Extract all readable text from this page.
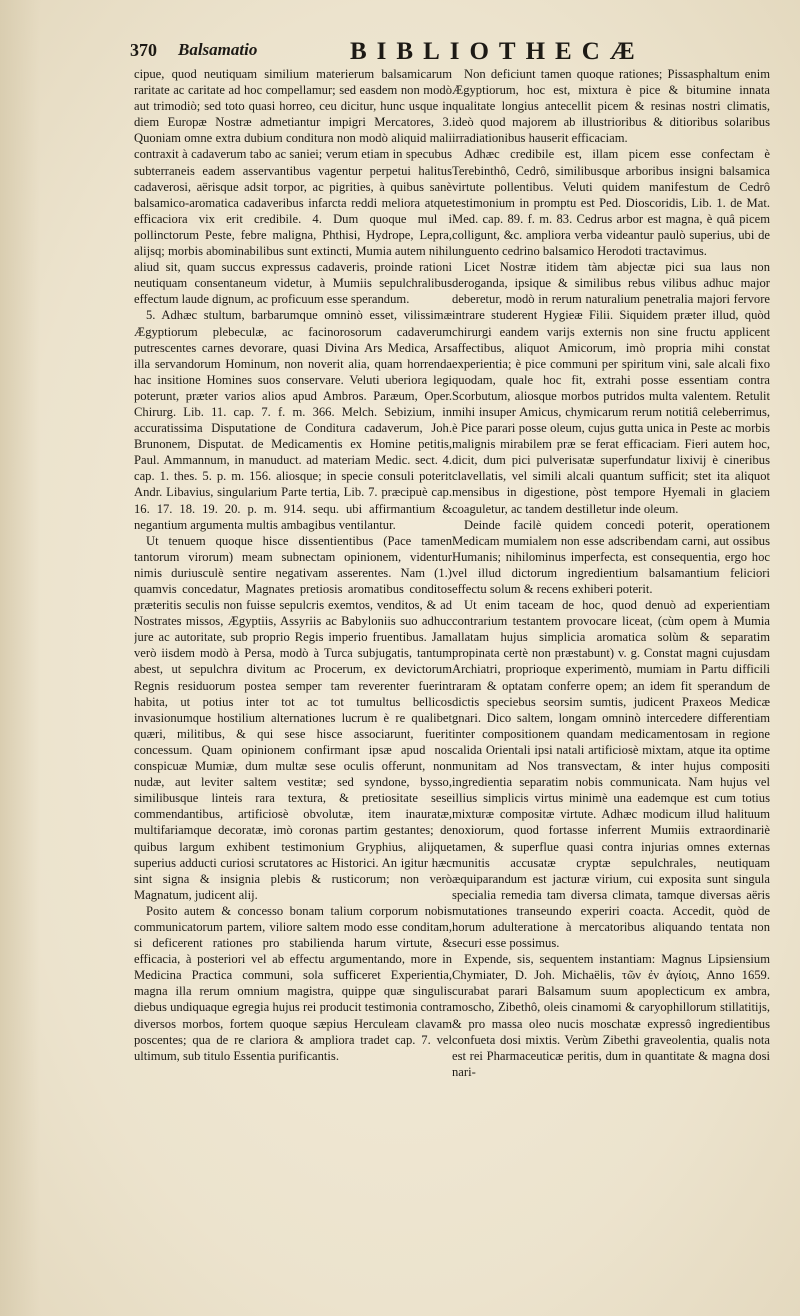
370 Balsamatio	BIBLIOTHECÆ

cipue, quod neutiquam similium materierum balsamicarum raritate ac caritate ad hoc compellamur; sed easdem non modò aut trimodiò; sed toto quasi horreo, ceu dicitur, hunc usque in diem Europæ Nostræ admetiantur impigri Mercatores, 3. Quoniam omne extra dubium conditura non modò aliquid mali contraxit à cadaverum tabo ac saniei; verum etiam in specubus subterraneis eadem asservantibus vagentur perpetui halitus cadaverosi, aërisque adsit torpor, ac pigrities, à quibus sanè balsamico-aromatica cadaveribus infarcta reddi meliora atque efficaciora vix erit credibile. 4. Dum quoque mul i pollinctorum Peste, febre maligna, Phthisi, Hydrope, Lepra, alijsq; morbis abominabilibus sunt extincti, Mumia autem nihil aliud sit, quam succus expressus cadaveris, proinde rationi neutiquam consentaneum videtur, à Mumiis sepulchralibus effectum laude dignum, ac proficuum esse sperandum.

5. Adhæc stultum, barbarumque omninò esset, vilissimæ Ægyptiorum plebeculæ, ac facinorosorum cadaverum putrescentes carnes devorare, quasi Divina Ars Medica, Ars illa servandorum Hominum, non noverit alia, quam horrenda hac insitione Homines suos conservare. Veluti uberiora legi poterunt, præter varios alios apud Ambros. Paræum, Oper. Chirurg. Lib. 11. cap. 7. f. m. 366. Melch. Sebizium, in accuratissima Disputatione de Conditura cadaverum, Joh. Brunonem, Disputat. de Medicamentis ex Homine petitis, Paul. Ammannum, in manuduct. ad materiam Medic. sect. 4. cap. 1. thes. 5. p. m. 156. aliosque; in specie consuli poterit Andr. Libavius, singularium Parte tertia, Lib. 7. præcipuè cap. 16. 17. 18. 19. 20. p. m. 914. sequ. ubi affirmantium & negantium argumenta multis ambagibus ventilantur.

Ut tenuem quoque hisce dissentientibus (Pace tamen tantorum virorum) meam subnectam opinionem, videntur nimis duriusculè sentire negativam asserentes. Nam (1.) quamvis concedatur, Magnates pretiosis aromatibus conditos præteritis seculis non fuisse sepulcris exemtos, venditos, & ad Nostrates missos, Ægyptiis, Assyriis ac Babyloniis suo adhuc jure ac autoritate, sub proprio Regis imperio fruentibus. Jam verò iisdem modò à Persa, modò à Turca subjugatis, tantum abest, ut sepulchra divitum ac Procerum, ex devictorum Regnis residuorum postea semper tam reverenter fuerint habita, ut potius inter tot ac tot tumultus bellicos invasionumque hostilium alternationes lucrum è re qualibet quæri, militibus, & qui sese hisce associarunt, fuerit concessum. Quam opinionem confirmant ipsæ apud nos conspicuæ Mumiæ, dum multæ sese oculis offerunt, non nudæ, aut leviter saltem vestitæ; sed syndone, bysso, similibusque linteis rara textura, & pretiositate sese commendantibus, artificiosè obvolutæ, item inauratæ, multifariamque decoratæ, imò coronas partim gestantes; de quibus largum exhibent testimonium Gryphius, alijque superius adducti curiosi scrutatores ac Historici. An igitur hæc sint signa & insignia plebis & rusticorum; non verò Magnatum, judicent alij.

Posito autem & concesso bonam talium corporum nobis communicatorum partem, viliore saltem modo esse conditam, si deficerent rationes pro stabilienda harum virtute, & efficacia, à posteriori vel ab effectu argumentando, more in Medicina Practica communi, sola sufficeret Experientia, magna illa rerum omnium magistra, quippe quæ singulis diebus undiquaque egregia hujus rei producit testimonia contra diversos morbos, fortem quoque sæpius Herculeam clavam poscentes; qua de re clariora & ampliora tradet cap. 7. vel ultimum, sub titulo Essentia purificantis.

Non deficiunt tamen quoque rationes; Pissasphaltum enim Ægyptiorum, hoc est, mixtura è pice & bitumine innata qualitate longius antecellit picem & resinas nostri climatis, ideò quod majorem ab illustrioribus & ditioribus solaribus irradiationibus hauserit efficaciam.

Adhæc credibile est, illam picem esse confectam è Terebinthô, Cedrô, similibusque arboribus insigni balsamica virtute pollentibus. Veluti quidem manifestum de Cedrô testimonium in promptu est Ped. Dioscoridis, Lib. 1. de Mat. Med. cap. 89. f. m. 83. Cedrus arbor est magna, è quâ picem colligunt, &c. ampliora verba videantur paulò superius, ubi de unguento cedrino balsamico Herodoti tractavimus.

Licet Nostræ itidem tàm abjectæ pici sua laus non deroganda, ipsique & similibus rebus vilibus adhuc major deberetur, modò in rerum naturalium penetralia majori fervore intrare studerent Hygieæ Filii. Siquidem præter illud, quòd chirurgi eandem varijs externis non sine fructu applicent affectibus, aliquot Amicorum, imò propria mihi constat experientia; è pice communi per spiritum vini, sale alcali fixo quodam, quale hoc fit, extrahi posse essentiam contra Scorbutum, aliosque morbos putridos multa valentem. Retulit mihi insuper Amicus, chymicarum rerum notitiâ celeberrimus, è Pice parari posse oleum, cujus gutta unica in Peste ac morbis malignis mirabilem præ se ferat efficaciam. Fieri autem hoc, dicit, dum pici pulverisatæ superfundatur lixivij è cineribus clavellatis, vel simili alcali quantum sufficit; stet ita aliquot mensibus in digestione, pòst tempore Hyemali in glaciem coaguletur, ac tandem destilletur inde oleum.

Deinde facilè quidem concedi poterit, operationem Medicam mumialem non esse adscribendam carni, aut ossibus Humanis; nihilominus imperfecta, est consequentia, ergo hoc vel illud dictorum ingredientium balsamantium feliciori effectu solum & recens exhiberi poterit.

Ut enim taceam de hoc, quod denuò ad experientiam contrarium testantem provocare liceat, (cùm opem à Mumia allatam hujus simplicia aromatica solùm & separatim propinata certè non præstabunt) v. g. Constat magni cujusdam Archiatri, proprioque experimentò, mumiam in Partu difficili raram & optatam conferre opem; an idem fit sperandum de dictis speciebus seorsim sumtis, judicent Praxeos Medicæ gnari. Dico saltem, longam omninò intercedere differentiam inter compositionem quandam medicamentosam in regione calida Orientali ipsi natali artificiosè mixtam, atque ita optime munitam ad Nos transvectam, & inter hujus compositi ingredientia separatim nobis communicata. Nam hujus vel illius simplicis virtus minimè una eademque est cum totius mixturæ compositæ virtute. Adhæc modicum illud halituum noxiorum, quod fortasse inferrent Mumiis extraordinariè tamen, & superflue quasi contra injurias omnes externas munitis accusatæ cryptæ sepulchrales, neutiquam æquiparandum est jacturæ virium, cui exposita sunt singula specialia remedia tam diversa climata, tamque diversas aëris mutationes transeundo experiri coacta. Accedit, quòd de horum adulteratione à mercatoribus aliquando tentata non securi esse possimus.

Expende, sis, sequentem instantiam: Magnus Lipsiensium Chymiater, D. Joh. Michaëlis, τῶν ἐν ἁγίοις, Anno 1659. curabat parari Balsamum suum apoplecticum ex ambra, moscho, Zibethô, oleis cinamomi & caryophillorum stillatitijs, & pro massa oleo nucis moschatæ expressô ingredientibus confueta dosi mixtis. Verùm Zibethi graveolentia, qualis nota est rei Pharmaceuticæ peritis, dum in quantitate & magna dosi nari-
